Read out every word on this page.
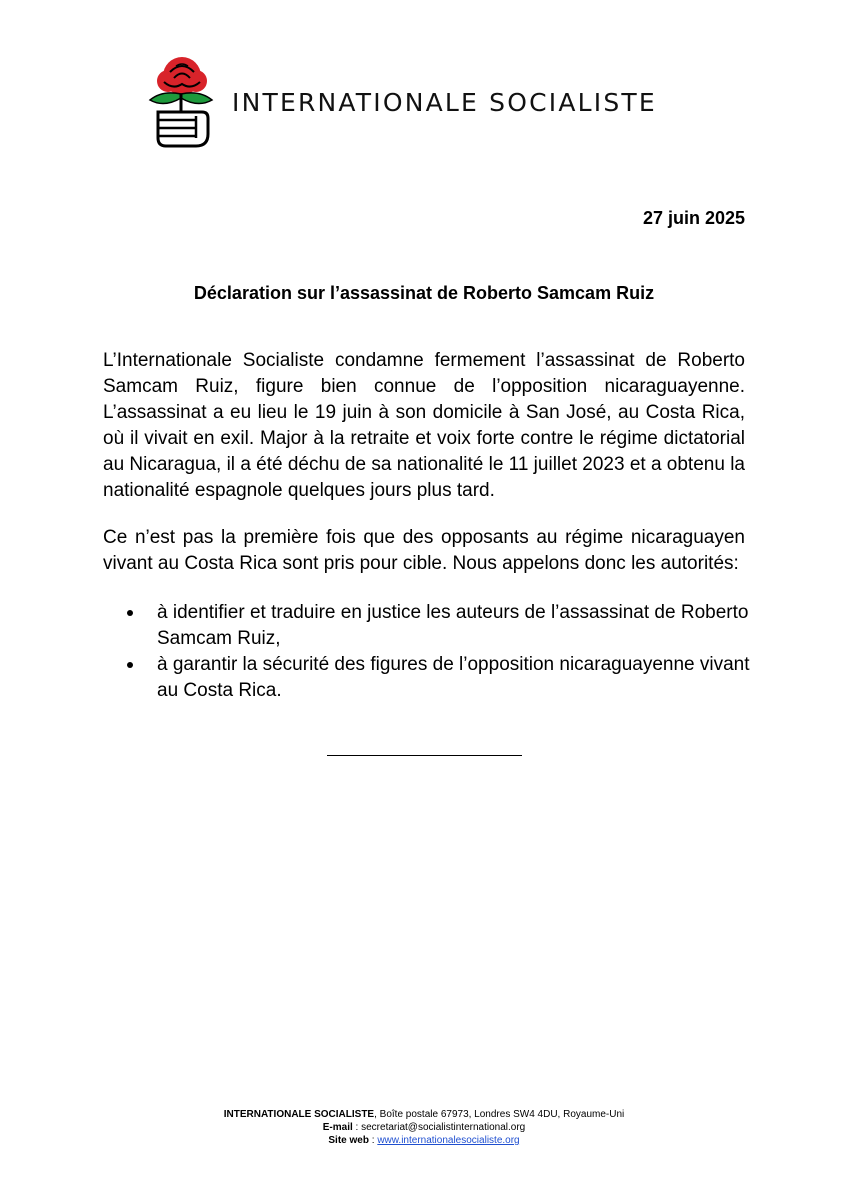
INTERNATIONALE SOCIALISTE
27 juin 2025
Déclaration sur l’assassinat de Roberto Samcam Ruiz
L’Internationale Socialiste condamne fermement l’assassinat de Roberto Samcam Ruiz, figure bien connue de l’opposition nicaraguayenne. L’assassinat a eu lieu le 19 juin à son domicile à San José, au Costa Rica, où il vivait en exil. Major à la retraite et voix forte contre le régime dictatorial au Nicaragua, il a été déchu de sa nationalité le 11 juillet 2023 et a obtenu la nationalité espagnole quelques jours plus tard.
Ce n’est pas la première fois que des opposants au régime nicaraguayen vivant au Costa Rica sont pris pour cible. Nous appelons donc les autorités:
à identifier et traduire en justice les auteurs de l’assassinat de Roberto Samcam Ruiz,
à garantir la sécurité des figures de l’opposition nicaraguayenne vivant au Costa Rica.
INTERNATIONALE SOCIALISTE, Boîte postale 67973, Londres SW4 4DU, Royaume-Uni
E-mail : secretariat@socialistinternational.org
Site web : www.internationalesocialiste.org
